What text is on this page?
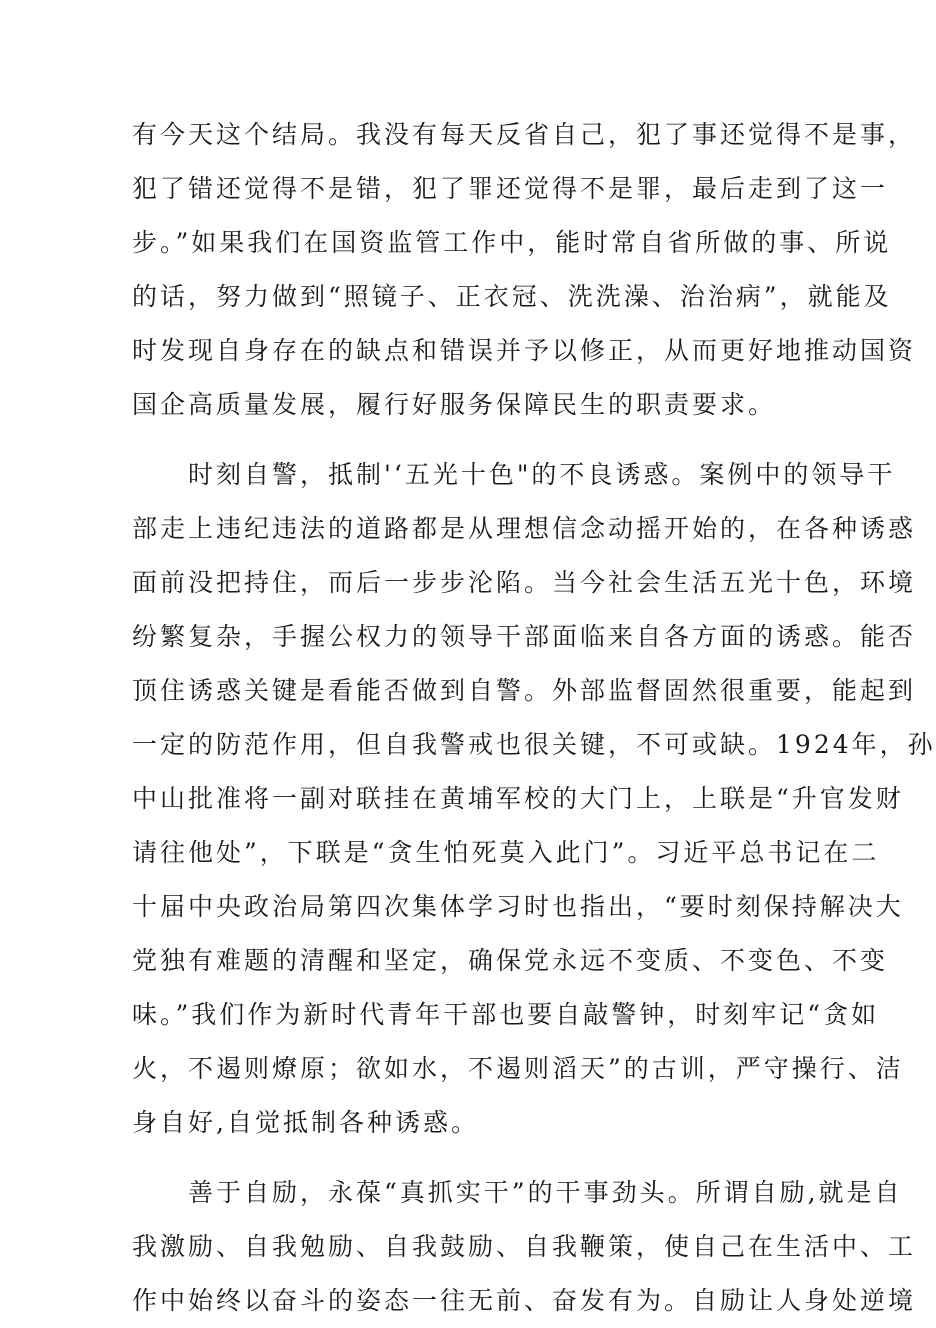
有今天这个结局。我没有每天反省自己，犯了事还觉得不是事，
犯了错还觉得不是错，犯了罪还觉得不是罪，最后走到了这一
步。”如果我们在国资监管工作中，能时常自省所做的事、所说
的话，努力做到“照镜子、正衣冠、洗洗澡、治治病”，就能及
时发现自身存在的缺点和错误并予以修正，从而更好地推动国资
国企高质量发展，履行好服务保障民生的职责要求。
　　时刻自警，抵制'‘五光十色"的不良诱惑。案例中的领导干
部走上违纪违法的道路都是从理想信念动摇开始的，在各种诱惑
面前没把持住，而后一步步沦陷。当今社会生活五光十色，环境
纷繁复杂，手握公权力的领导干部面临来自各方面的诱惑。能否
顶住诱惑关键是看能否做到自警。外部监督固然很重要，能起到
一定的防范作用，但自我警戒也很关键，不可或缺。1924年，孙
中山批准将一副对联挂在黄埔军校的大门上，上联是“升官发财
请往他处”，下联是“贪生怕死莫入此门”。习近平总书记在二
十届中央政治局第四次集体学习时也指出，“要时刻保持解决大
党独有难题的清醒和坚定，确保党永远不变质、不变色、不变
味。”我们作为新时代青年干部也要自敲警钟，时刻牢记“贪如
火，不遏则燎原；欲如水，不遏则滔天”的古训，严守操行、洁
身自好,自觉抵制各种诱惑。
　　善于自励，永葆“真抓实干”的干事劲头。所谓自励,就是自
我激励、自我勉励、自我鼓励、自我鞭策，使自己在生活中、工
作中始终以奋斗的姿态一往无前、奋发有为。自励让人身处逆境
